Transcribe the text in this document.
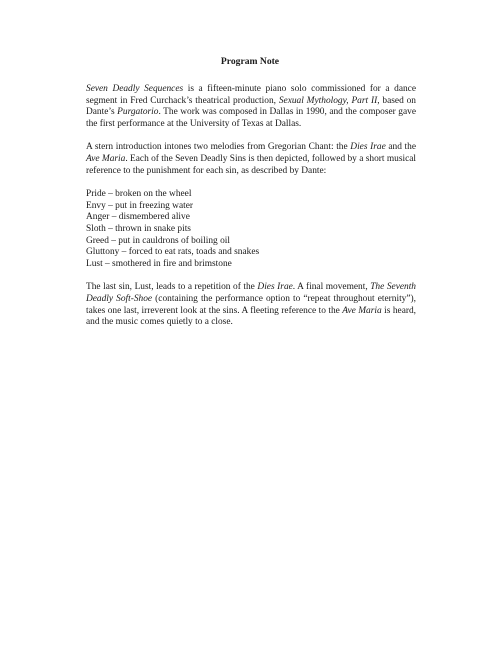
Program Note

Seven Deadly Sequences is a fifteen-minute piano solo commissioned for a dance segment in Fred Curchack’s theatrical production, Sexual Mythology, Part II, based on Dante’s Purgatorio. The work was composed in Dallas in 1990, and the composer gave the first performance at the University of Texas at Dallas.

A stern introduction intones two melodies from Gregorian Chant: the Dies Irae and the Ave Maria. Each of the Seven Deadly Sins is then depicted, followed by a short musical reference to the punishment for each sin, as described by Dante:

Pride – broken on the wheel
Envy – put in freezing water
Anger – dismembered alive
Sloth – thrown in snake pits
Greed – put in cauldrons of boiling oil
Gluttony – forced to eat rats, toads and snakes
Lust – smothered in fire and brimstone

The last sin, Lust, leads to a repetition of the Dies Irae. A final movement, The Seventh Deadly Soft-Shoe (containing the performance option to “repeat throughout eternity”), takes one last, irreverent look at the sins. A fleeting reference to the Ave Maria is heard, and the music comes quietly to a close.
